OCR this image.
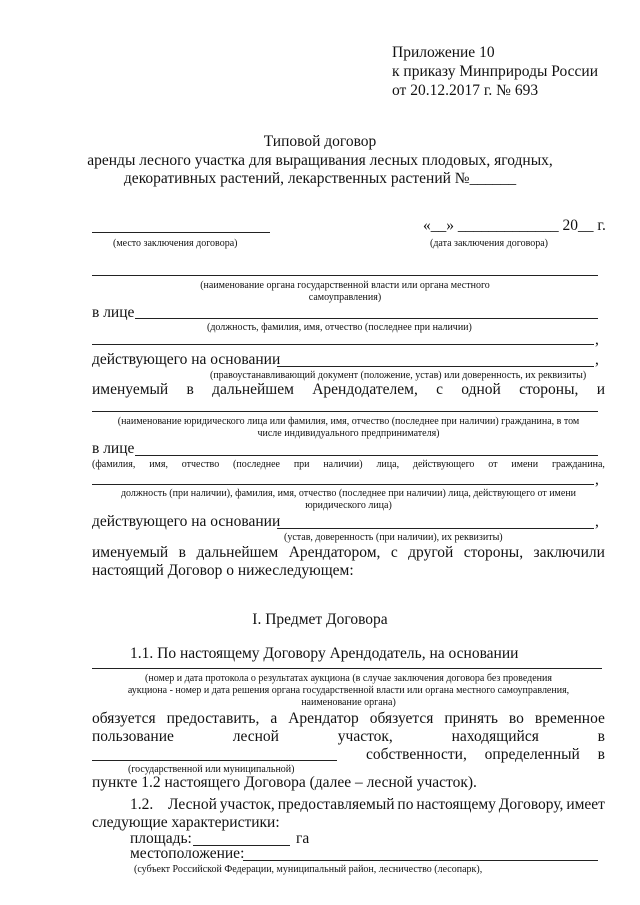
Приложение 10
к приказу Минприроды России
от 20.12.2017 г. № 693
Типовой договор
аренды лесного участка для выращивания лесных плодовых, ягодных,
декоративных растений, лекарственных растений №______
«__» _____________ 20__ г.
(место заключения договора)	(дата заключения договора)
(наименование органа государственной власти или органа местного
самоуправления)
в лице
(должность, фамилия, имя, отчество (последнее при наличии)
,
действующего на основании	,
(правоустанавливающий документ (положение, устав) или доверенность, их реквизиты)
именуемый в дальнейшем Арендодателем, с одной стороны, и
(наименование юридического лица или фамилия, имя, отчество (последнее при наличии) гражданина, в том
числе индивидуального предпринимателя)
в лице
(фамилия, имя, отчество (последнее при наличии) лица, действующего от имени гражданина,
,
должность (при наличии), фамилия, имя, отчество (последнее при наличии) лица, действующего от имени
юридического лица)
действующего на основании	,
(устав, доверенность (при наличии), их реквизиты)
именуемый в дальнейшем Арендатором, с другой стороны, заключили
настоящий Договор о нижеследующем:
I. Предмет Договора
1.1. По настоящему Договору Арендодатель, на основании
(номер и дата протокола о результатах аукциона (в случае заключения договора без проведения
аукциона - номер и дата решения органа государственной власти или органа местного самоуправления,
наименование органа)
обязуется предоставить, а Арендатор обязуется принять во временное
пользование	лесной	участок,	находящийся	в
собственности, определенный в
(государственной или муниципальной)
пункте 1.2 настоящего Договора (далее – лесной участок).
1.2. Лесной участок, предоставляемый по настоящему Договору, имеет
следующие характеристики:
площадь:	га
местоположение:
(субъект Российской Федерации, муниципальный район, лесничество (лесопарк),
